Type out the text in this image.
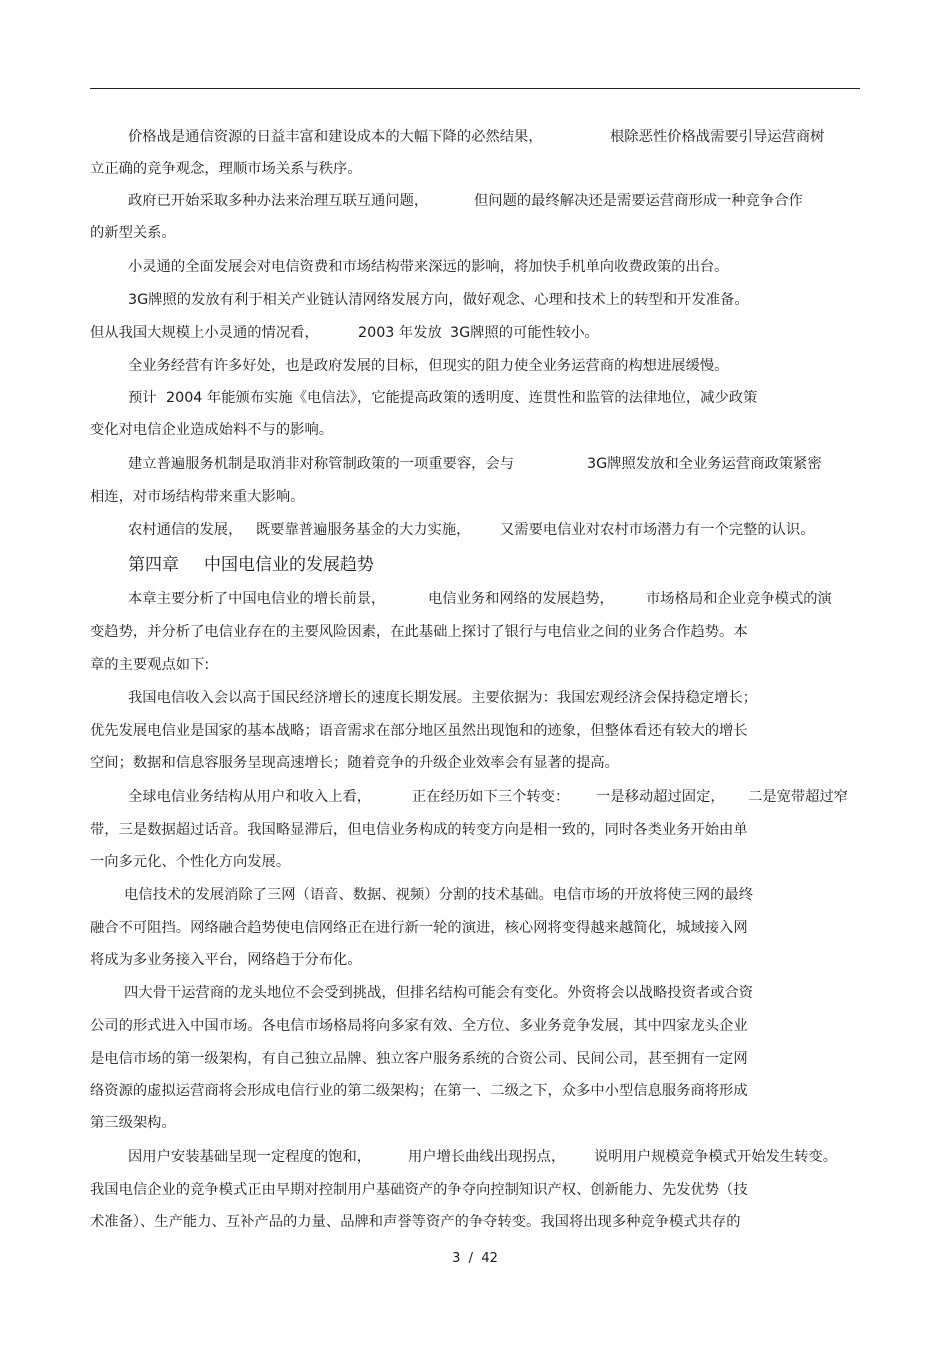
价格战是通信资源的日益丰富和建设成本的大幅下降的必然结果，	根除恶性价格战需要引导运营商树
立正确的竞争观念，理顺市场关系与秩序。
政府已开始采取多种办法来治理互联互通问题，	但问题的最终解决还是需要运营商形成一种竞争合作
的新型关系。
小灵通的全面发展会对电信资费和市场结构带来深远的影响，将加快手机单向收费政策的出台。
3G牌照的发放有利于相关产业链认清网络发展方向，做好观念、心理和技术上的转型和开发准备。
但从我国大规模上小灵通的情况看，	2003 年发放 3G牌照的可能性较小。
全业务经营有许多好处，也是政府发展的目标，但现实的阻力使全业务运营商的构想进展缓慢。
预计 2004 年能颁布实施《电信法》，它能提高政策的透明度、连贯性和监管的法律地位，减少政策
变化对电信企业造成始料不与的影响。
建立普遍服务机制是取消非对称管制政策的一项重要容，会与	3G牌照发放和全业务运营商政策紧密
相连，对市场结构带来重大影响。
农村通信的发展， 既要靠普遍服务基金的大力实施， 又需要电信业对农村市场潜力有一个完整的认识。
第四章 中国电信业的发展趋势
本章主要分析了中国电信业的增长前景，	电信业务和网络的发展趋势， 市场格局和企业竞争模式的演
变趋势，并分析了电信业存在的主要风险因素，在此基础上探讨了银行与电信业之间的业务合作趋势。本
章的主要观点如下:
我国电信收入会以高于国民经济增长的速度长期发展。主要依据为：我国宏观经济会保持稳定增长；
优先发展电信业是国家的基本战略；语音需求在部分地区虽然出现饱和的迹象，但整体看还有较大的增长
空间；数据和信息容服务呈现高速增长；随着竞争的升级企业效率会有显著的提高。
全球电信业务结构从用户和收入上看，	正在经历如下三个转变： 一是移动超过固定， 二是宽带超过窄
带，三是数据超过话音。我国略显滞后，但电信业务构成的转变方向是相一致的，同时各类业务开始由单
一向多元化、个性化方向发展。
电信技术的发展消除了三网（语音、数据、视频）分割的技术基础。电信市场的开放将使三网的最终
融合不可阻挡。网络融合趋势使电信网络正在进行新一轮的演进，核心网将变得越来越简化，城域接入网
将成为多业务接入平台，网络趋于分布化。
四大骨干运营商的龙头地位不会受到挑战，但排名结构可能会有变化。外资将会以战略投资者或合资
公司的形式进入中国市场。各电信市场格局将向多家有效、全方位、多业务竞争发展，其中四家龙头企业
是电信市场的第一级架构，有自己独立品牌、独立客户服务系统的合资公司、民间公司，甚至拥有一定网
络资源的虚拟运营商将会形成电信行业的第二级架构；在第一、二级之下，众多中小型信息服务商将形成
第三级架构。
因用户安装基础呈现一定程度的饱和，	用户增长曲线出现拐点， 说明用户规模竞争模式开始发生转变。
我国电信企业的竞争模式正由早期对控制用户基础资产的争夺向控制知识产权、创新能力、先发优势（技
术准备）、生产能力、互补产品的力量、品牌和声誉等资产的争夺转变。我国将出现多种竞争模式共存的
3 / 42
